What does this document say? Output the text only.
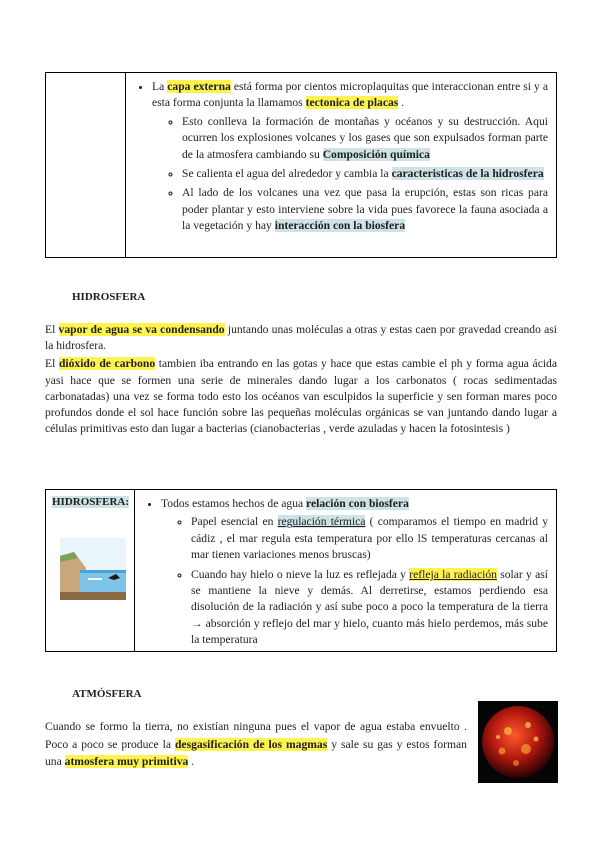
• La capa externa está forma por cientos microplaquitas que interaccionan entre si y a esta forma conjunta la llamamos tectonica de placas .
◦ Esto conlleva la formación de montañas y océanos y su destrucción. Aqui ocurren los explosiones volcanes y los gases que son expulsados forman parte de la atmosfera cambiando su Composición química
◦ Se calienta el agua del alrededor y cambia la caracteristicas de la hidrosfera
◦ Al lado de los volcanes una vez que pasa la erupción, estas son ricas para poder plantar y esto interviene sobre la vida pues favorece la fauna asociada a la vegetación y hay interacción con la biosfera
HIDROSFERA

El vapor de agua se va condensando juntando unas moléculas a otras y estas caen por gravedad creando asi la hidrosfera.

El dióxido de carbono tambien iba entrando en las gotas y hace que estas cambie el ph y forma agua ácida yasi hace que se formen una serie de minerales dando lugar a los carbonatos ( rocas sedimentadas carbonatadas) una vez se forma todo esto los océanos van esculpidos la superficie y sen forman mares poco profundos donde el sol hace función sobre las pequeñas moléculas orgánicas se van juntando dando lugar a células primitivas esto dan lugar a bacterias (cianobacterias , verde azuladas y hacen la fotosintesis )

HIDROSFERA:
•	Todos estamos hechos de agua relación con biosfera
◦ Papel esencial en regulación térmica ( comparamos el tiempo en madrid y cádiz , el mar regula esta temperatura por ello lS temperaturas cercanas al mar tienen variaciones menos bruscas)
◦ Cuando hay hielo o nieve la luz es reflejada y refleja la radiación solar y así se mantiene la nieve y demás. Al derretirse, estamos perdiendo esa disolución de la radiación y así sube poco a poco la temperatura de la tierra → absorción y reflejo del mar y hielo, cuanto más hielo perdemos, más sube la temperatura
ATMÓSFERA
Cuando se formo la tierra, no existían ninguna pues el vapor de agua estaba envuelto . Poco a poco se produce la desgasificación de los magmas y sale su gas y estos forman una atmosfera muy primitiva .
